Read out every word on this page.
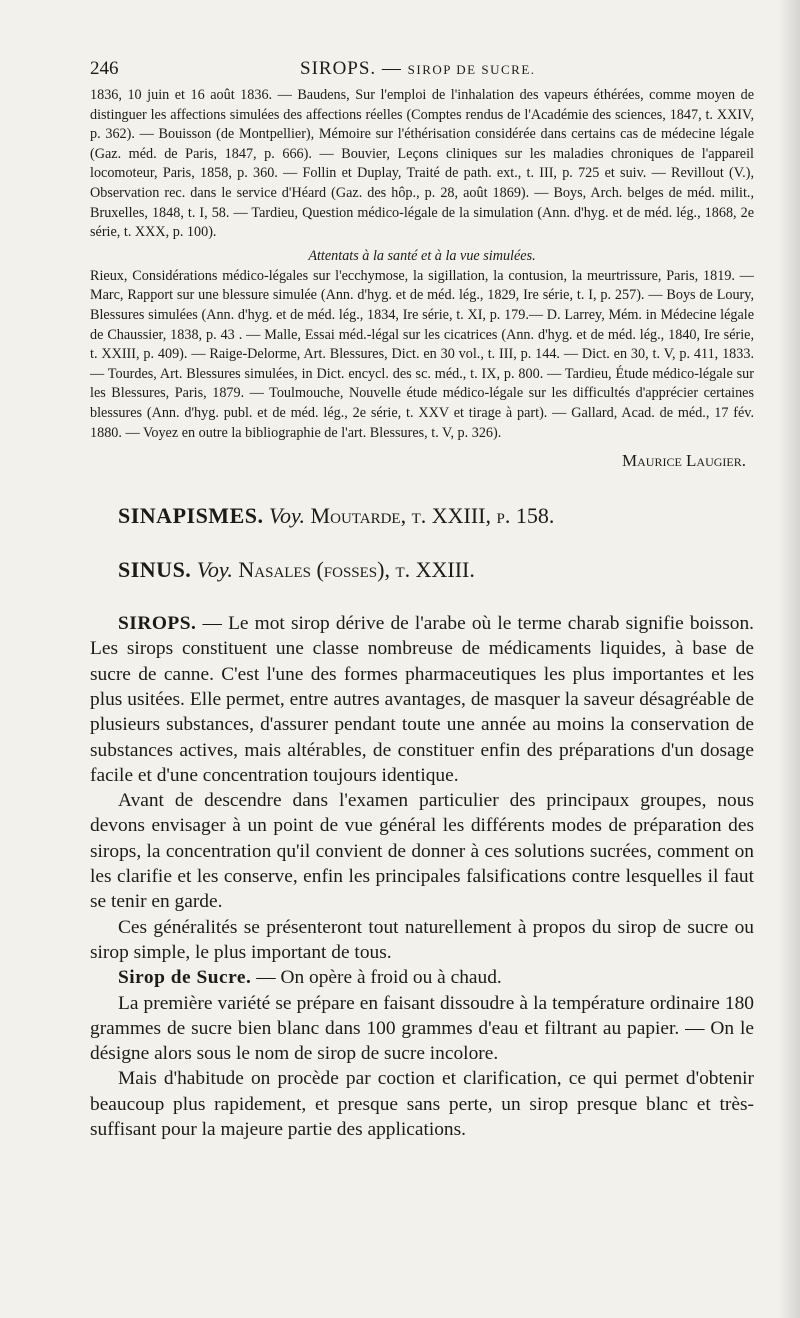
246	SIROPS. — SIROP DE SUCRE.

1836, 10 juin et 16 août 1836. — Baudens, Sur l'emploi de l'inhalation des vapeurs éthérées, comme moyen de distinguer les affections simulées des affections réelles (Comptes rendus de l'Académie des sciences, 1847, t. XXIV, p. 362). — Bouisson (de Montpellier), Mémoire sur l'éthérisation considérée dans certains cas de médecine légale (Gaz. méd. de Paris, 1847, p. 666). — Bouvier, Leçons cliniques sur les maladies chroniques de l'appareil locomoteur, Paris, 1858, p. 360. — Follin et Duplay, Traité de path. ext., t. III, p. 725 et suiv. — Revillout (V.), Observation rec. dans le service d'Héard (Gaz. des hôp., p. 28, août 1869). — Boys, Arch. belges de méd. milit., Bruxelles, 1848, t. I, 58. — Tardieu, Question médico-légale de la simulation (Ann. d'hyg. et de méd. lég., 1868, 2e série, t. XXX, p. 100).

Attentats à la santé et à la vue simulées.

Rieux, Considérations médico-légales sur l'ecchymose, la sigillation, la contusion, la meurtrissure, Paris, 1819. — Marc, Rapport sur une blessure simulée (Ann. d'hyg. et de méd. lég., 1829, Ire série, t. I, p. 257). — Boys de Loury, Blessures simulées (Ann. d'hyg. et de méd. lég., 1834, Ire série, t. XI, p. 179.— D. Larrey, Mém. in Médecine légale de Chaussier, 1838, p. 43 . — Malle, Essai méd.-légal sur les cicatrices (Ann. d'hyg. et de méd. lég., 1840, Ire série, t. XXIII, p. 409). — Raige-Delorme, Art. Blessures, Dict. en 30 vol., t. III, p. 144. — Dict. en 30, t. V, p. 411, 1833. — Tourdes, Art. Blessures simulées, in Dict. encycl. des sc. méd., t. IX, p. 800. — Tardieu, Étude médico-légale sur les Blessures, Paris, 1879. — Toulmouche, Nouvelle étude médico-légale sur les difficultés d'apprécier certaines blessures (Ann. d'hyg. publ. et de méd. lég., 2e série, t. XXV et tirage à part). — Gallard, Acad. de méd., 17 fév. 1880. — Voyez en outre la bibliographie de l'art. Blessures, t. V, p. 326).

Maurice Laugier.
SINAPISMES. Voy. Moutarde, t. XXIII, p. 158.
SINUS. Voy. Nasales (fosses), t. XXIII.

SIROPS. — Le mot sirop dérive de l'arabe où le terme charab signifie boisson. Les sirops constituent une classe nombreuse de médicaments liquides, à base de sucre de canne. C'est l'une des formes pharmaceutiques les plus importantes et les plus usitées. Elle permet, entre autres avantages, de masquer la saveur désagréable de plusieurs substances, d'assurer pendant toute une année au moins la conservation de substances actives, mais altérables, de constituer enfin des préparations d'un dosage facile et d'une concentration toujours identique.

Avant de descendre dans l'examen particulier des principaux groupes, nous devons envisager à un point de vue général les différents modes de préparation des sirops, la concentration qu'il convient de donner à ces solutions sucrées, comment on les clarifie et les conserve, enfin les principales falsifications contre lesquelles il faut se tenir en garde.

Ces généralités se présenteront tout naturellement à propos du sirop de sucre ou sirop simple, le plus important de tous.

Sirop de Sucre. — On opère à froid ou à chaud.

La première variété se prépare en faisant dissoudre à la température ordinaire 180 grammes de sucre bien blanc dans 100 grammes d'eau et filtrant au papier. — On le désigne alors sous le nom de sirop de sucre incolore.

Mais d'habitude on procède par coction et clarification, ce qui permet d'obtenir beaucoup plus rapidement, et presque sans perte, un sirop presque blanc et très-suffisant pour la majeure partie des applications.
